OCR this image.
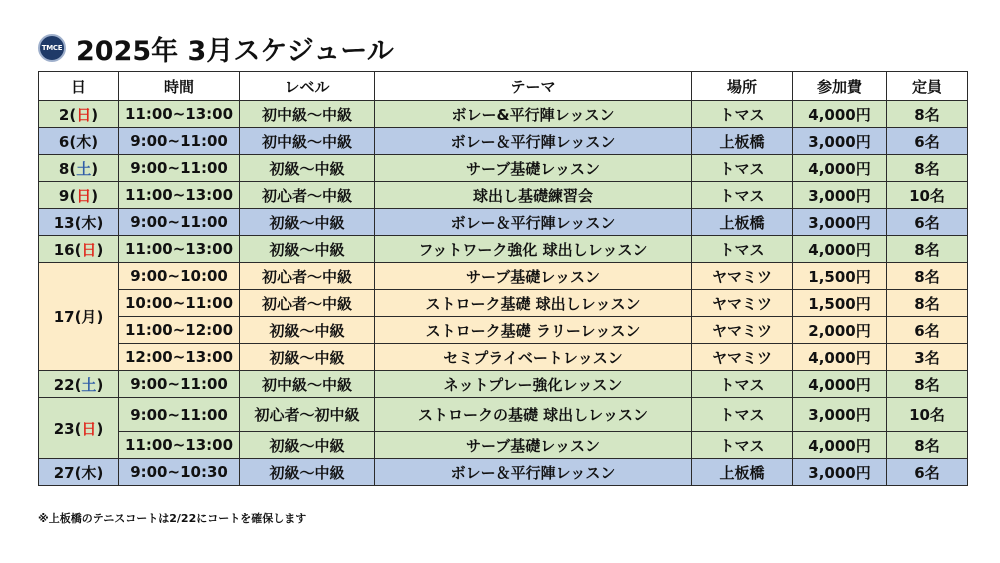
TMCE 2025年 3月スケジュール
日	時間	レベル	テーマ	場所	参加費	定員
2(日)	11:00~13:00	初中級～中級	ボレー&平行陣レッスン	トマス	4,000円	8名
6(木)	9:00~11:00	初中級～中級	ボレー＆平行陣レッスン	上板橋	3,000円	6名
8(土)	9:00~11:00	初級～中級	サーブ基礎レッスン	トマス	4,000円	8名
9(日)	11:00~13:00	初心者～中級	球出し基礎練習会	トマス	3,000円	10名
13(木)	9:00~11:00	初級～中級	ボレー＆平行陣レッスン	上板橋	3,000円	6名
16(日)	11:00~13:00	初級～中級	フットワーク強化 球出しレッスン	トマス	4,000円	8名
17(月)	9:00~10:00	初心者～中級	サーブ基礎レッスン	ヤマミツ	1,500円	8名
	10:00~11:00	初心者～中級	ストローク基礎 球出しレッスン	ヤマミツ	1,500円	8名
	11:00~12:00	初級～中級	ストローク基礎 ラリーレッスン	ヤマミツ	2,000円	6名
	12:00~13:00	初級～中級	セミプライベートレッスン	ヤマミツ	4,000円	3名
22(土)	9:00~11:00	初中級～中級	ネットプレー強化レッスン	トマス	4,000円	8名
23(日)	9:00~11:00	初心者～初中級	ストロークの基礎 球出しレッスン	トマス	3,000円	10名
	11:00~13:00	初級～中級	サーブ基礎レッスン	トマス	4,000円	8名
27(木)	9:00~10:30	初級～中級	ボレー＆平行陣レッスン	上板橋	3,000円	6名
※上板橋のテニスコートは2/22にコートを確保します
